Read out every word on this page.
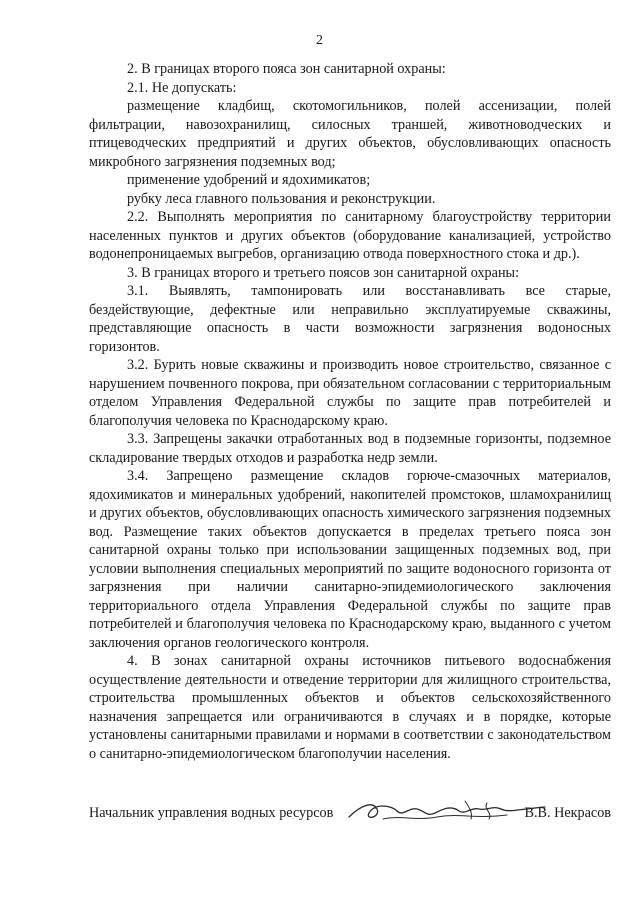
2

2. В границах второго пояса зон санитарной охраны:

2.1. Не допускать:

размещение кладбищ, скотомогильников, полей ассенизации, полей фильтрации, навозохранилищ, силосных траншей, животноводческих и птицеводческих предприятий и других объектов, обусловливающих опасность микробного загрязнения подземных вод;

применение удобрений и ядохимикатов;

рубку леса главного пользования и реконструкции.

2.2. Выполнять мероприятия по санитарному благоустройству территории населенных пунктов и других объектов (оборудование канализацией, устройство водонепроницаемых выгребов, организацию отвода поверхностного стока и др.).

3. В границах второго и третьего поясов зон санитарной охраны:

3.1. Выявлять, тампонировать или восстанавливать все старые, бездействующие, дефектные или неправильно эксплуатируемые скважины, представляющие опасность в части возможности загрязнения водоносных горизонтов.

3.2. Бурить новые скважины и производить новое строительство, связанное с нарушением почвенного покрова, при обязательном согласовании с территориальным отделом Управления Федеральной службы по защите прав потребителей и благополучия человека по Краснодарскому краю.

3.3. Запрещены закачки отработанных вод в подземные горизонты, подземное складирование твердых отходов и разработка недр земли.

3.4. Запрещено размещение складов горюче-смазочных материалов, ядохимикатов и минеральных удобрений, накопителей промстоков, шламохранилищ и других объектов, обусловливающих опасность химического загрязнения подземных вод. Размещение таких объектов допускается в пределах третьего пояса зон санитарной охраны только при использовании защищенных подземных вод, при условии выполнения специальных мероприятий по защите водоносного горизонта от загрязнения при наличии санитарно-эпидемиологического заключения территориального отдела Управления Федеральной службы по защите прав потребителей и благополучия человека по Краснодарскому краю, выданного с учетом заключения органов геологического контроля.

4. В зонах санитарной охраны источников питьевого водоснабжения осуществление деятельности и отведение территории для жилищного строительства, строительства промышленных объектов и объектов сельскохозяйственного назначения запрещается или ограничиваются в случаях и в порядке, которые установлены санитарными правилами и нормами в соответствии с законодательством о санитарно-эпидемиологическом благополучии населения.

Начальник управления водных ресурсов	В.В. Некрасов
